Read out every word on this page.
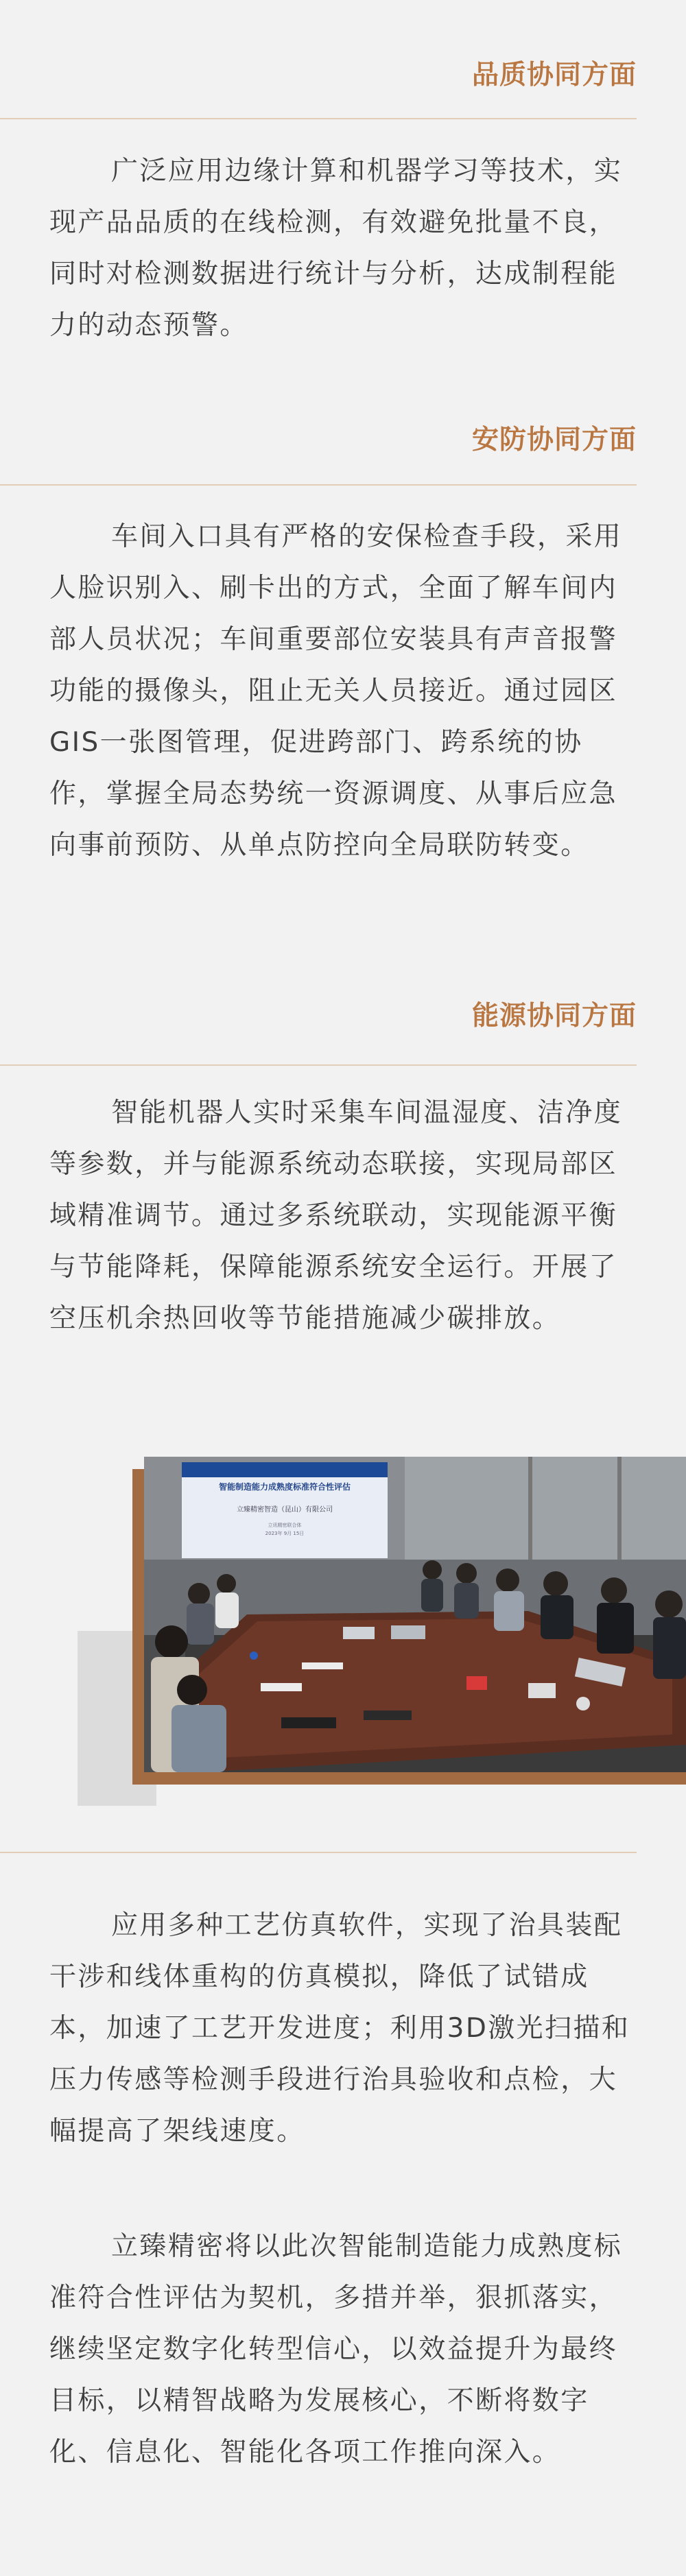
品质协同方面

广泛应用边缘计算和机器学习等技术，实现产品品质的在线检测，有效避免批量不良，同时对检测数据进行统计与分析，达成制程能力的动态预警。

安防协同方面

车间入口具有严格的安保检查手段，采用人脸识别入、刷卡出的方式，全面了解车间内部人员状况；车间重要部位安装具有声音报警功能的摄像头，阻止无关人员接近。通过园区GIS一张图管理，促进跨部门、跨系统的协作，掌握全局态势统一资源调度、从事后应急向事前预防、从单点防控向全局联防转变。

能源协同方面

智能机器人实时采集车间温湿度、洁净度等参数，并与能源系统动态联接，实现局部区域精准调节。通过多系统联动，实现能源平衡与节能降耗，保障能源系统安全运行。开展了空压机余热回收等节能措施减少碳排放。

智能制造能力成熟度标准符合性评估
立臻精密智造（昆山）有限公司
立讯精密联合体
2023年 9月 15日

应用多种工艺仿真软件，实现了治具装配干涉和线体重构的仿真模拟，降低了试错成本，加速了工艺开发进度；利用3D激光扫描和压力传感等检测手段进行治具验收和点检，大幅提高了架线速度。

立臻精密将以此次智能制造能力成熟度标准符合性评估为契机，多措并举，狠抓落实，继续坚定数字化转型信心，以效益提升为最终目标，以精智战略为发展核心，不断将数字化、信息化、智能化各项工作推向深入。
